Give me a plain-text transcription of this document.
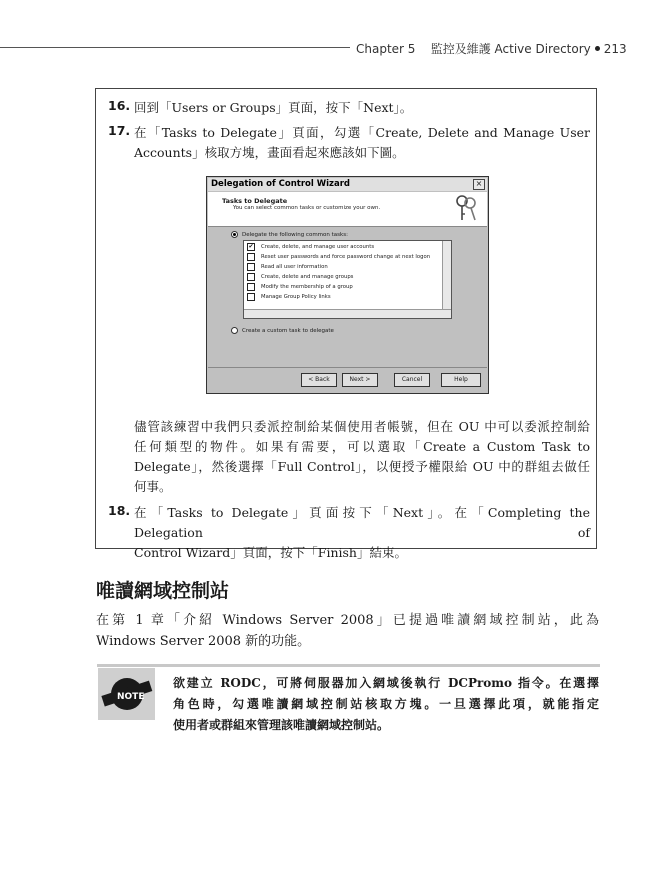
Chapter 5 監控及維護 Active Directory 213
16. 回到「Users or Groups」頁面，按下「Next」。
17. 在「Tasks to Delegate」頁面，勾選「Create, Delete and Manage User
Accounts」核取方塊，畫面看起來應該如下圖。
儘管該練習中我們只委派控制給某個使用者帳號，但在 OU 中可以委派控制給
任何類型的物件。如果有需要，可以選取「Create a Custom Task to
Delegate」，然後選擇「Full Control」，以便授予權限給 OU 中的群組去做任
何事。
18. 在「Tasks to Delegate」頁面按下「Next」。在「Completing the Delegation of
Control Wizard」頁面，按下「Finish」結束。
Delegation of Control Wizard	×
Tasks to Delegate
You can select common tasks or customize your own.
Delegate the following common tasks:
✔ Create, delete, and manage user accounts
Reset user passwords and force password change at next logon
Read all user information
Create, delete and manage groups
Modify the membership of a group
Manage Group Policy links
Create a custom task to delegate
< Back	Next >	Cancel	Help
唯讀網域控制站
在第 1 章「介紹 Windows Server 2008」已提過唯讀網域控制站，此為
Windows Server 2008 新的功能。
NOTE
欲建立 RODC，可將伺服器加入網域後執行 DCPromo 指令。在選擇
角色時，勾選唯讀網域控制站核取方塊。一旦選擇此項，就能指定
使用者或群組來管理該唯讀網域控制站。
